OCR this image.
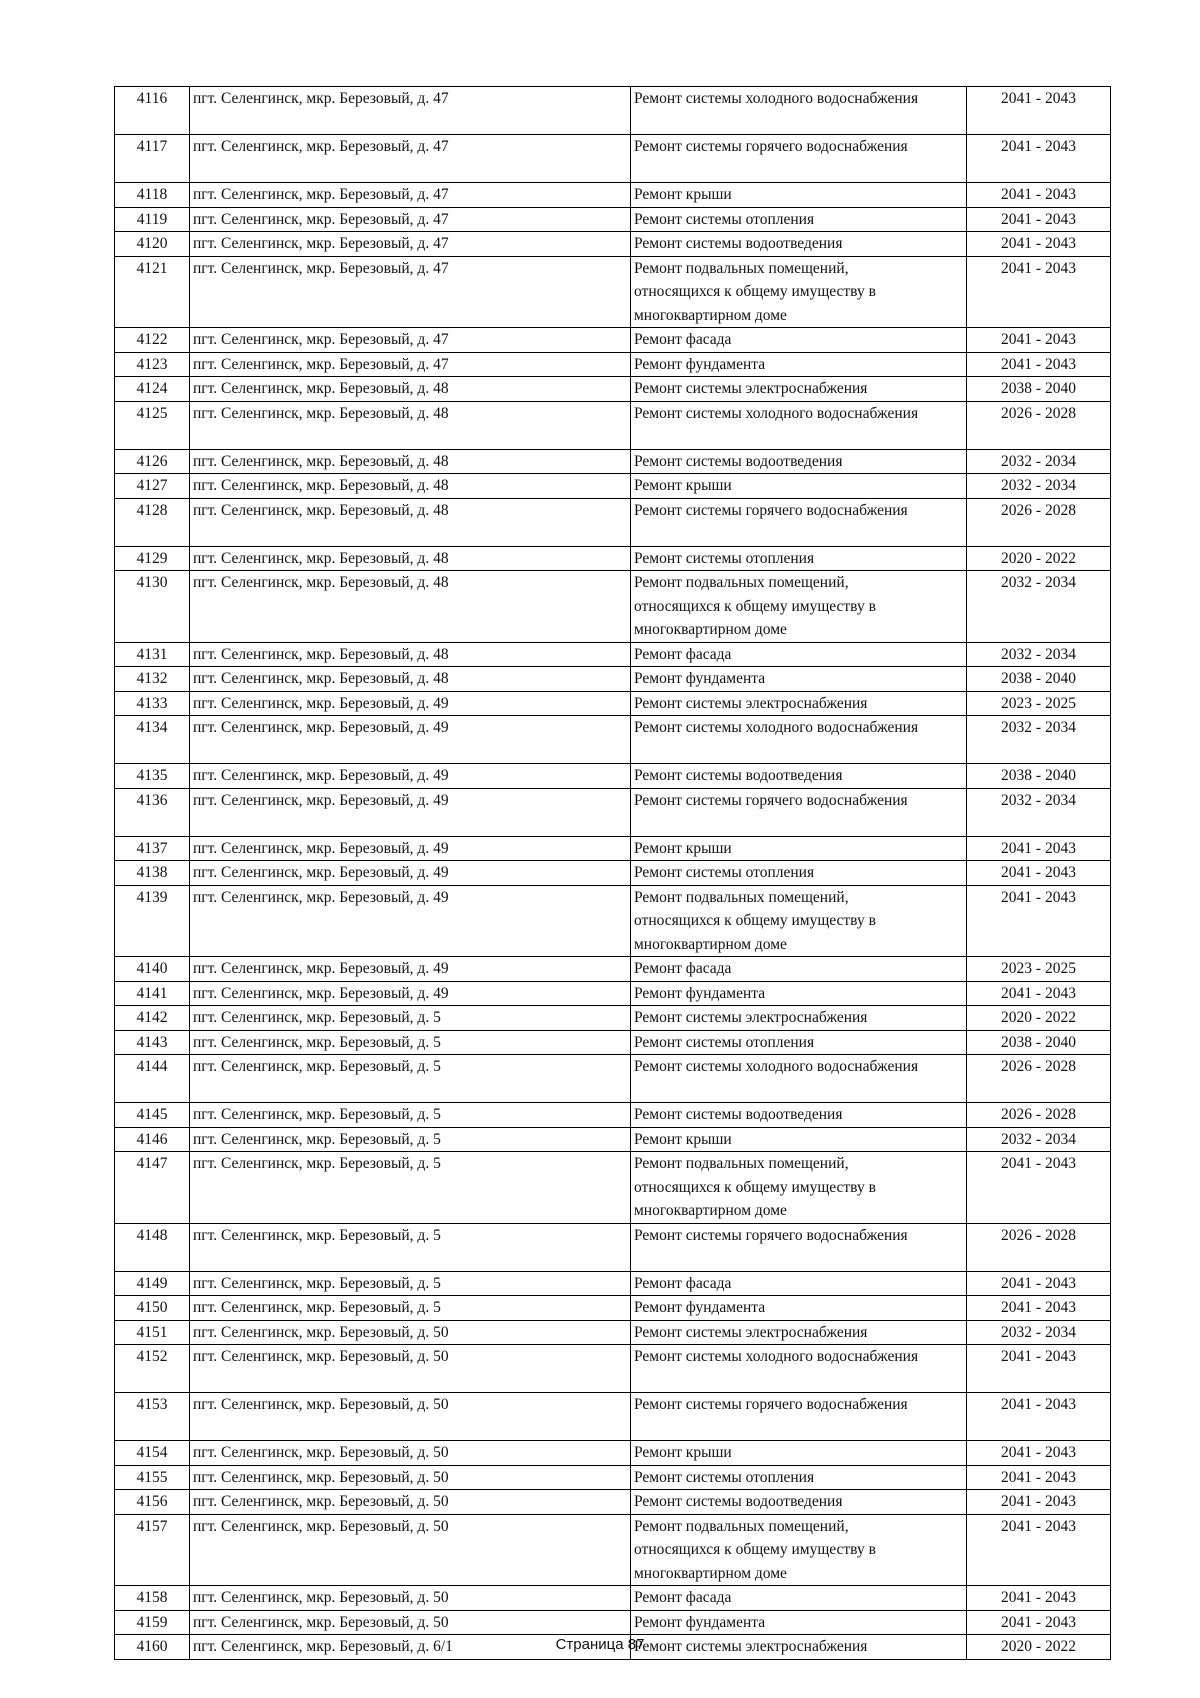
4116	пгт. Селенгинск, мкр. Березовый, д. 47	Ремонт системы холодного водоснабжения	2041 - 2043
4117	пгт. Селенгинск, мкр. Березовый, д. 47	Ремонт системы горячего водоснабжения	2041 - 2043
4118	пгт. Селенгинск, мкр. Березовый, д. 47	Ремонт крыши	2041 - 2043
4119	пгт. Селенгинск, мкр. Березовый, д. 47	Ремонт системы отопления	2041 - 2043
4120	пгт. Селенгинск, мкр. Березовый, д. 47	Ремонт системы водоотведения	2041 - 2043
4121	пгт. Селенгинск, мкр. Березовый, д. 47	Ремонт подвальных помещений,
относящихся к общему имуществу в
многоквартирном доме	2041 - 2043
4122	пгт. Селенгинск, мкр. Березовый, д. 47	Ремонт фасада	2041 - 2043
4123	пгт. Селенгинск, мкр. Березовый, д. 47	Ремонт фундамента	2041 - 2043
4124	пгт. Селенгинск, мкр. Березовый, д. 48	Ремонт системы электроснабжения	2038 - 2040
4125	пгт. Селенгинск, мкр. Березовый, д. 48	Ремонт системы холодного водоснабжения	2026 - 2028
4126	пгт. Селенгинск, мкр. Березовый, д. 48	Ремонт системы водоотведения	2032 - 2034
4127	пгт. Селенгинск, мкр. Березовый, д. 48	Ремонт крыши	2032 - 2034
4128	пгт. Селенгинск, мкр. Березовый, д. 48	Ремонт системы горячего водоснабжения	2026 - 2028
4129	пгт. Селенгинск, мкр. Березовый, д. 48	Ремонт системы отопления	2020 - 2022
4130	пгт. Селенгинск, мкр. Березовый, д. 48	Ремонт подвальных помещений,
относящихся к общему имуществу в
многоквартирном доме	2032 - 2034
4131	пгт. Селенгинск, мкр. Березовый, д. 48	Ремонт фасада	2032 - 2034
4132	пгт. Селенгинск, мкр. Березовый, д. 48	Ремонт фундамента	2038 - 2040
4133	пгт. Селенгинск, мкр. Березовый, д. 49	Ремонт системы электроснабжения	2023 - 2025
4134	пгт. Селенгинск, мкр. Березовый, д. 49	Ремонт системы холодного водоснабжения	2032 - 2034
4135	пгт. Селенгинск, мкр. Березовый, д. 49	Ремонт системы водоотведения	2038 - 2040
4136	пгт. Селенгинск, мкр. Березовый, д. 49	Ремонт системы горячего водоснабжения	2032 - 2034
4137	пгт. Селенгинск, мкр. Березовый, д. 49	Ремонт крыши	2041 - 2043
4138	пгт. Селенгинск, мкр. Березовый, д. 49	Ремонт системы отопления	2041 - 2043
4139	пгт. Селенгинск, мкр. Березовый, д. 49	Ремонт подвальных помещений,
относящихся к общему имуществу в
многоквартирном доме	2041 - 2043
4140	пгт. Селенгинск, мкр. Березовый, д. 49	Ремонт фасада	2023 - 2025
4141	пгт. Селенгинск, мкр. Березовый, д. 49	Ремонт фундамента	2041 - 2043
4142	пгт. Селенгинск, мкр. Березовый, д. 5	Ремонт системы электроснабжения	2020 - 2022
4143	пгт. Селенгинск, мкр. Березовый, д. 5	Ремонт системы отопления	2038 - 2040
4144	пгт. Селенгинск, мкр. Березовый, д. 5	Ремонт системы холодного водоснабжения	2026 - 2028
4145	пгт. Селенгинск, мкр. Березовый, д. 5	Ремонт системы водоотведения	2026 - 2028
4146	пгт. Селенгинск, мкр. Березовый, д. 5	Ремонт крыши	2032 - 2034
4147	пгт. Селенгинск, мкр. Березовый, д. 5	Ремонт подвальных помещений,
относящихся к общему имуществу в
многоквартирном доме	2041 - 2043
4148	пгт. Селенгинск, мкр. Березовый, д. 5	Ремонт системы горячего водоснабжения	2026 - 2028
4149	пгт. Селенгинск, мкр. Березовый, д. 5	Ремонт фасада	2041 - 2043
4150	пгт. Селенгинск, мкр. Березовый, д. 5	Ремонт фундамента	2041 - 2043
4151	пгт. Селенгинск, мкр. Березовый, д. 50	Ремонт системы электроснабжения	2032 - 2034
4152	пгт. Селенгинск, мкр. Березовый, д. 50	Ремонт системы холодного водоснабжения	2041 - 2043
4153	пгт. Селенгинск, мкр. Березовый, д. 50	Ремонт системы горячего водоснабжения	2041 - 2043
4154	пгт. Селенгинск, мкр. Березовый, д. 50	Ремонт крыши	2041 - 2043
4155	пгт. Селенгинск, мкр. Березовый, д. 50	Ремонт системы отопления	2041 - 2043
4156	пгт. Селенгинск, мкр. Березовый, д. 50	Ремонт системы водоотведения	2041 - 2043
4157	пгт. Селенгинск, мкр. Березовый, д. 50	Ремонт подвальных помещений,
относящихся к общему имуществу в
многоквартирном доме	2041 - 2043
4158	пгт. Селенгинск, мкр. Березовый, д. 50	Ремонт фасада	2041 - 2043
4159	пгт. Селенгинск, мкр. Березовый, д. 50	Ремонт фундамента	2041 - 2043
4160	пгт. Селенгинск, мкр. Березовый, д. 6/1	Ремонт системы электроснабжения	2020 - 2022
Страница 87
